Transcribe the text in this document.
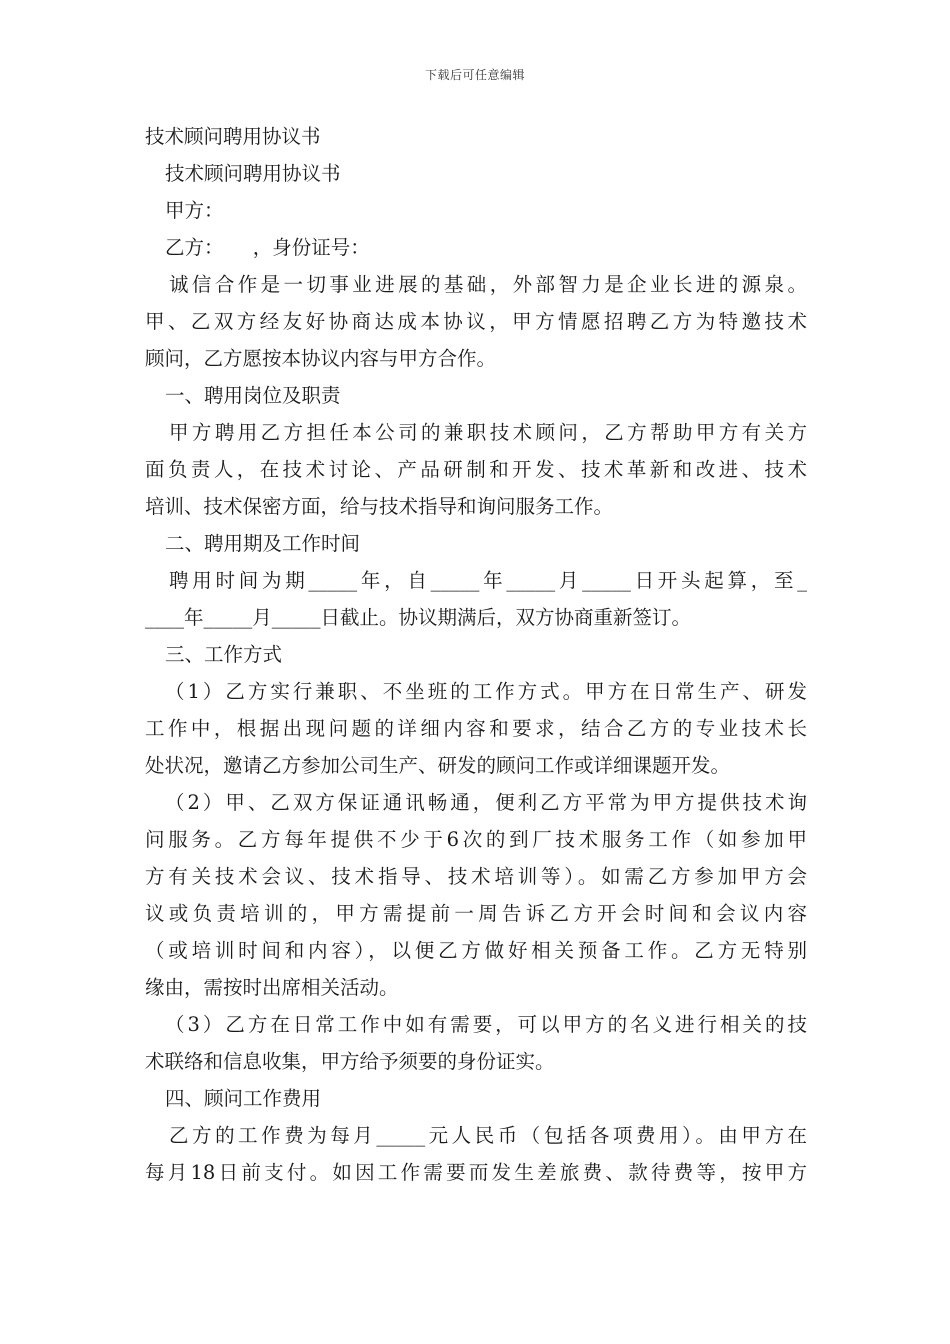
下载后可任意编辑
技术顾问聘用协议书
技术顾问聘用协议书
甲方：
乙方：　　，身份证号：
诚信合作是一切事业进展的基础，外部智力是企业长进的源泉。
甲、乙双方经友好协商达成本协议，甲方情愿招聘乙方为特邀技术
顾问，乙方愿按本协议内容与甲方合作。
一、聘用岗位及职责
甲方聘用乙方担任本公司的兼职技术顾问，乙方帮助甲方有关方
面负责人，在技术讨论、产品研制和开发、技术革新和改进、技术
培训、技术保密方面，给与技术指导和询问服务工作。
二、聘用期及工作时间
聘用时间为期_____年，自_____年_____月_____日开头起算，至_
____年_____月_____日截止。协议期满后，双方协商重新签订。
三、工作方式
（1）乙方实行兼职、不坐班的工作方式。甲方在日常生产、研发
工作中，根据出现问题的详细内容和要求，结合乙方的专业技术长
处状况，邀请乙方参加公司生产、研发的顾问工作或详细课题开发。
（2）甲、乙双方保证通讯畅通，便利乙方平常为甲方提供技术询
问服务。乙方每年提供不少于6次的到厂技术服务工作（如参加甲
方有关技术会议、技术指导、技术培训等）。如需乙方参加甲方会
议或负责培训的，甲方需提前一周告诉乙方开会时间和会议内容
（或培训时间和内容），以便乙方做好相关预备工作。乙方无特别
缘由，需按时出席相关活动。
（3）乙方在日常工作中如有需要，可以甲方的名义进行相关的技
术联络和信息收集，甲方给予须要的身份证实。
四、顾问工作费用
乙方的工作费为每月_____元人民币（包括各项费用）。由甲方在
每月18日前支付。如因工作需要而发生差旅费、款待费等，按甲方
